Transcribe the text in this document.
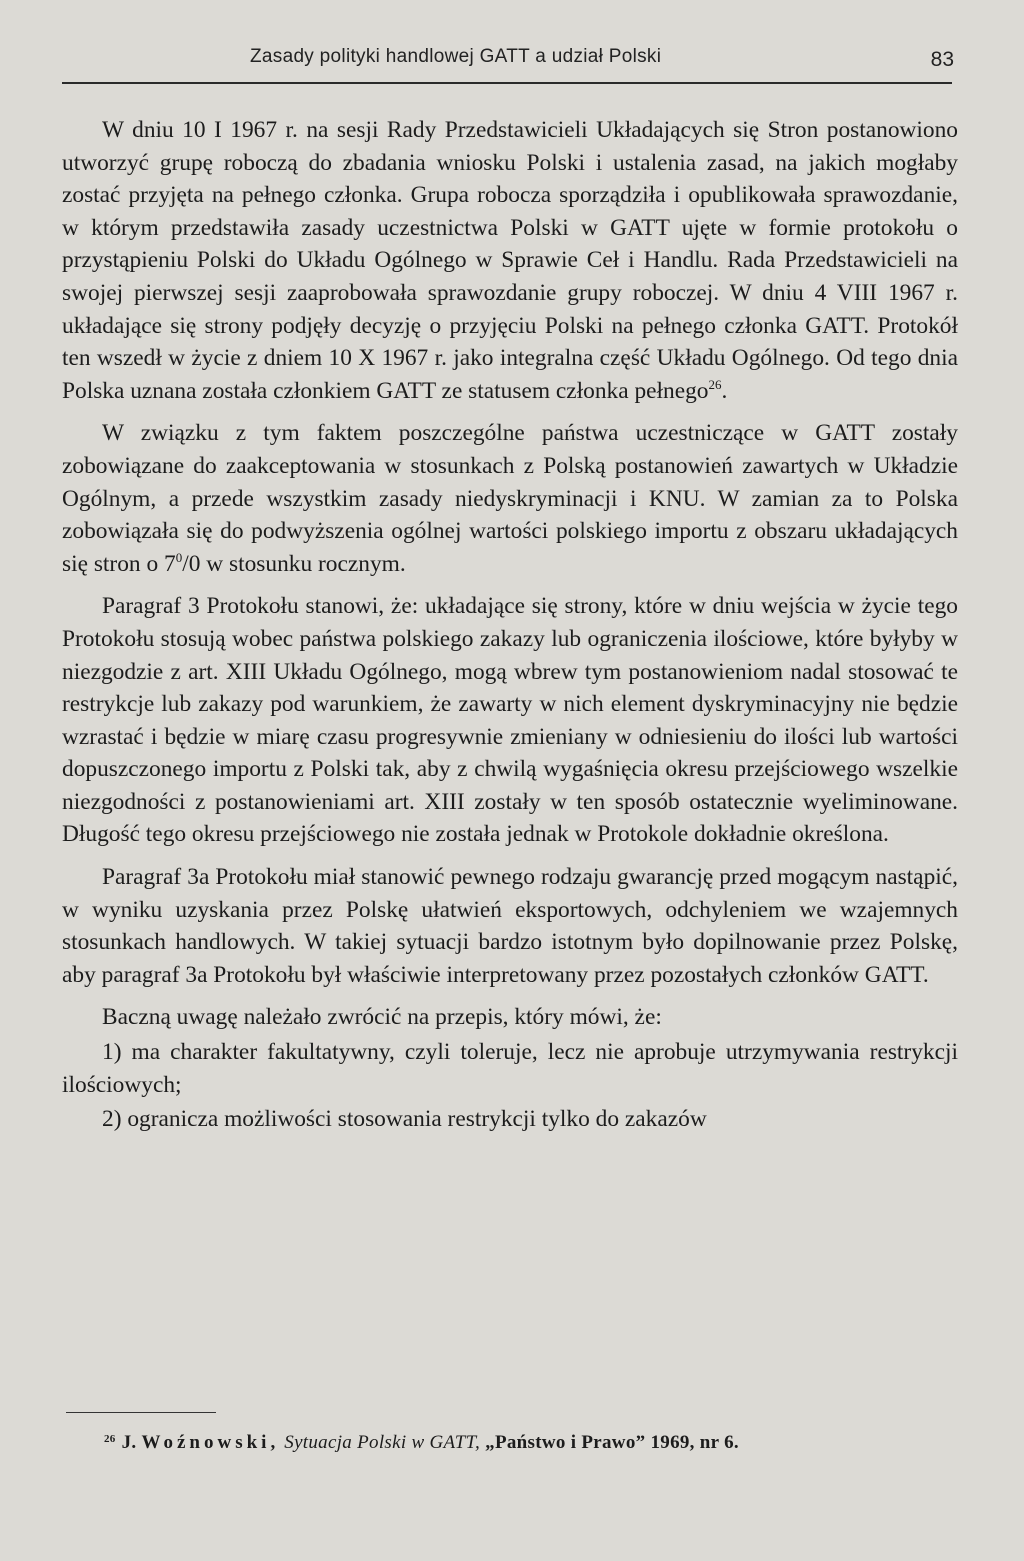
Zasady polityki handlowej GATT a udział Polski	83

W dniu 10 I 1967 r. na sesji Rady Przedstawicieli Układających się Stron postanowiono utworzyć grupę roboczą do zbadania wniosku Polski i ustalenia zasad, na jakich mogłaby zostać przyjęta na pełnego członka. Grupa robocza sporządziła i opublikowała sprawozdanie, w którym przedstawiła zasady uczestnictwa Polski w GATT ujęte w formie protokołu o przystąpieniu Polski do Układu Ogólnego w Sprawie Ceł i Handlu. Rada Przedstawicieli na swojej pierwszej sesji zaaprobowała sprawozdanie grupy roboczej. W dniu 4 VIII 1967 r. układające się strony podjęły decyzję o przyjęciu Polski na pełnego członka GATT. Protokół ten wszedł w życie z dniem 10 X 1967 r. jako integralna część Układu Ogólnego. Od tego dnia Polska uznana została członkiem GATT ze statusem członka pełnego$^{26}$.

W związku z tym faktem poszczególne państwa uczestniczące w GATT zostały zobowiązane do zaakceptowania w stosunkach z Polską postanowień zawartych w Układzie Ogólnym, a przede wszystkim zasady niedyskryminacji i KNU. W zamian za to Polska zobowiązała się do podwyższenia ogólnej wartości polskiego importu z obszaru układających się stron o $7^0/0$ w stosunku rocznym.

Paragraf 3 Protokołu stanowi, że: układające się strony, które w dniu wejścia w życie tego Protokołu stosują wobec państwa polskiego zakazy lub ograniczenia ilościowe, które byłyby w niezgodzie z art. XIII Układu Ogólnego, mogą wbrew tym postanowieniom nadal stosować te restrykcje lub zakazy pod warunkiem, że zawarty w nich element dyskryminacyjny nie będzie wzrastać i będzie w miarę czasu progresywnie zmieniany w odniesieniu do ilości lub wartości dopuszczonego importu z Polski tak, aby z chwilą wygaśnięcia okresu przejściowego wszelkie niezgodności z postanowieniami art. XIII zostały w ten sposób ostatecznie wyeliminowane. Długość tego okresu przejściowego nie została jednak w Protokole dokładnie określona.

Paragraf 3a Protokołu miał stanowić pewnego rodzaju gwarancję przed mogącym nastąpić, w wyniku uzyskania przez Polskę ułatwień eksportowych, odchyleniem we wzajemnych stosunkach handlowych. W takiej sytuacji bardzo istotnym było dopilnowanie przez Polskę, aby paragraf 3a Protokołu był właściwie interpretowany przez pozostałych członków GATT.

Baczną uwagę należało zwrócić na przepis, który mówi, że:

1) ma charakter fakultatywny, czyli toleruje, lecz nie aprobuje utrzymywania restrykcji ilościowych;

2) ogranicza możliwości stosowania restrykcji tylko do zakazów

$^{26}$ J. Woźnowski, Sytuacja Polski w GATT, „Państwo i Prawo” 1969, nr 6.
